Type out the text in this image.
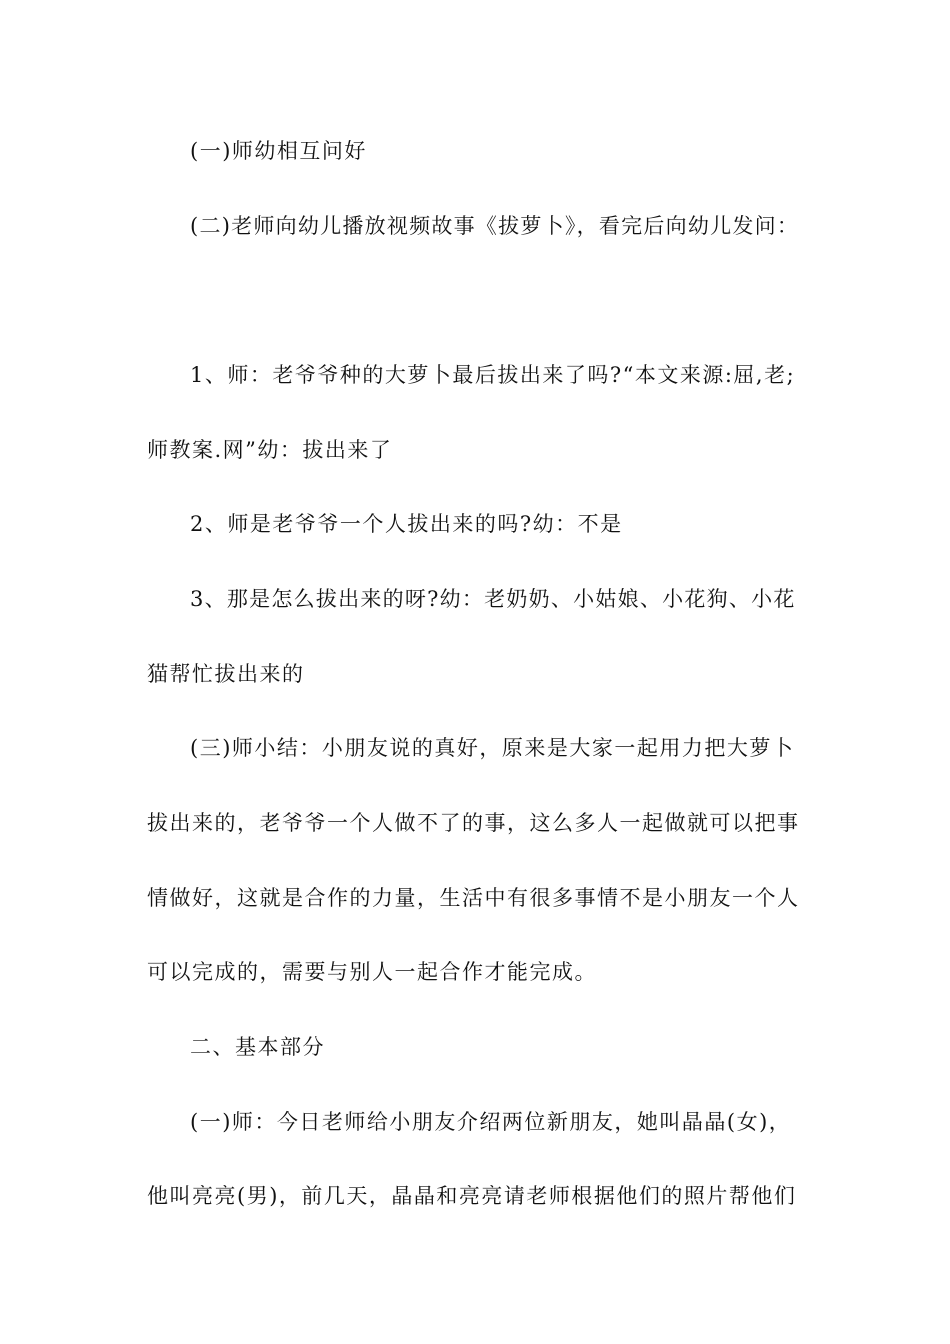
(一)师幼相互问好
(二)老师向幼儿播放视频故事《拔萝卜》，看完后向幼儿发问：
1、师：老爷爷种的大萝卜最后拔出来了吗?“本文来源:屈,老;
师教案.网”幼：拔出来了
2、师是老爷爷一个人拔出来的吗?幼：不是
3、那是怎么拔出来的呀?幼：老奶奶、小姑娘、小花狗、小花
猫帮忙拔出来的
(三)师小结：小朋友说的真好，原来是大家一起用力把大萝卜
拔出来的，老爷爷一个人做不了的事，这么多人一起做就可以把事
情做好，这就是合作的力量，生活中有很多事情不是小朋友一个人
可以完成的，需要与别人一起合作才能完成。
二、基本部分
(一)师：今日老师给小朋友介绍两位新朋友，她叫晶晶(女)，
他叫亮亮(男)，前几天，晶晶和亮亮请老师根据他们的照片帮他们
